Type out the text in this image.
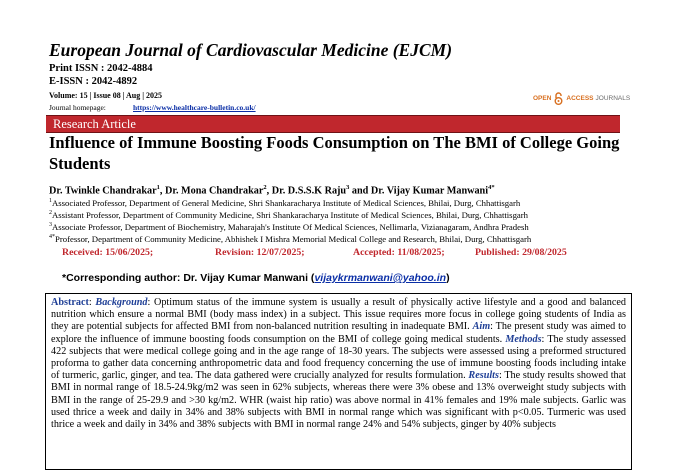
European Journal of Cardiovascular Medicine (EJCM)
Print ISSN : 2042-4884
E-ISSN : 2042-4892
Volume: 15 | Issue 08 | Aug | 2025
Journal homepage:	https://www.healthcare-bulletin.co.uk/
OPEN ACCESS JOURNALS
Research Article
Influence of Immune Boosting Foods Consumption on The BMI of College Going Students
Dr. Twinkle Chandrakar$^1$, Dr. Mona Chandrakar$^2$, Dr. D.S.S.K Raju$^3$ and Dr. Vijay Kumar Manwani$^{4*}$
$^1$Associated Professor, Department of General Medicine, Shri Shankaracharya Institute of Medical Sciences, Bhilai, Durg, Chhattisgarh
$^2$Assistant Professor, Department of Community Medicine, Shri Shankaracharya Institute of Medical Sciences, Bhilai, Durg, Chhattisgarh
$^3$Associate Professor, Department of Biochemistry, Maharajah's Institute Of Medical Sciences, Nellimarla, Vizianagaram, Andhra Pradesh
$^{4*}$Professor, Department of Community Medicine, Abhishek I Mishra Memorial Medical College and Research, Bhilai, Durg, Chhattisgarh
Received: 15/06/2025;	Revision: 12/07/2025;	Accepted: 11/08/2025;	Published: 29/08/2025
*Corresponding author: Dr. Vijay Kumar Manwani (vijaykrmanwani@yahoo.in)
Abstract: Background: Optimum status of the immune system is usually a result of physically active lifestyle and a good and balanced nutrition which ensure a normal BMI (body mass index) in a subject. This issue requires more focus in college going students of India as they are potential subjects for affected BMI from non-balanced nutrition resulting in inadequate BMI. Aim: The present study was aimed to explore the influence of immune boosting foods consumption on the BMI of college going medical students. Methods: The study assessed 422 subjects that were medical college going and in the age range of 18-30 years. The subjects were assessed using a preformed structured proforma to gather data concerning anthropometric data and food frequency concerning the use of immune boosting foods including intake of turmeric, garlic, ginger, and tea. The data gathered were crucially analyzed for results formulation. Results: The study results showed that BMI in normal range of 18.5-24.9kg/m2 was seen in 62% subjects, whereas there were 3% obese and 13% overweight study subjects with BMI in the range of 25-29.9 and >30 kg/m2. WHR (waist hip ratio) was above normal in 41% females and 19% male subjects. Garlic was used thrice a week and daily in 34% and 38% subjects with BMI in normal range which was significant with p<0.05. Turmeric was used thrice a week and daily in 34% and 38% subjects with BMI in normal range 24% and 54% subjects, ginger by 40% subjects
